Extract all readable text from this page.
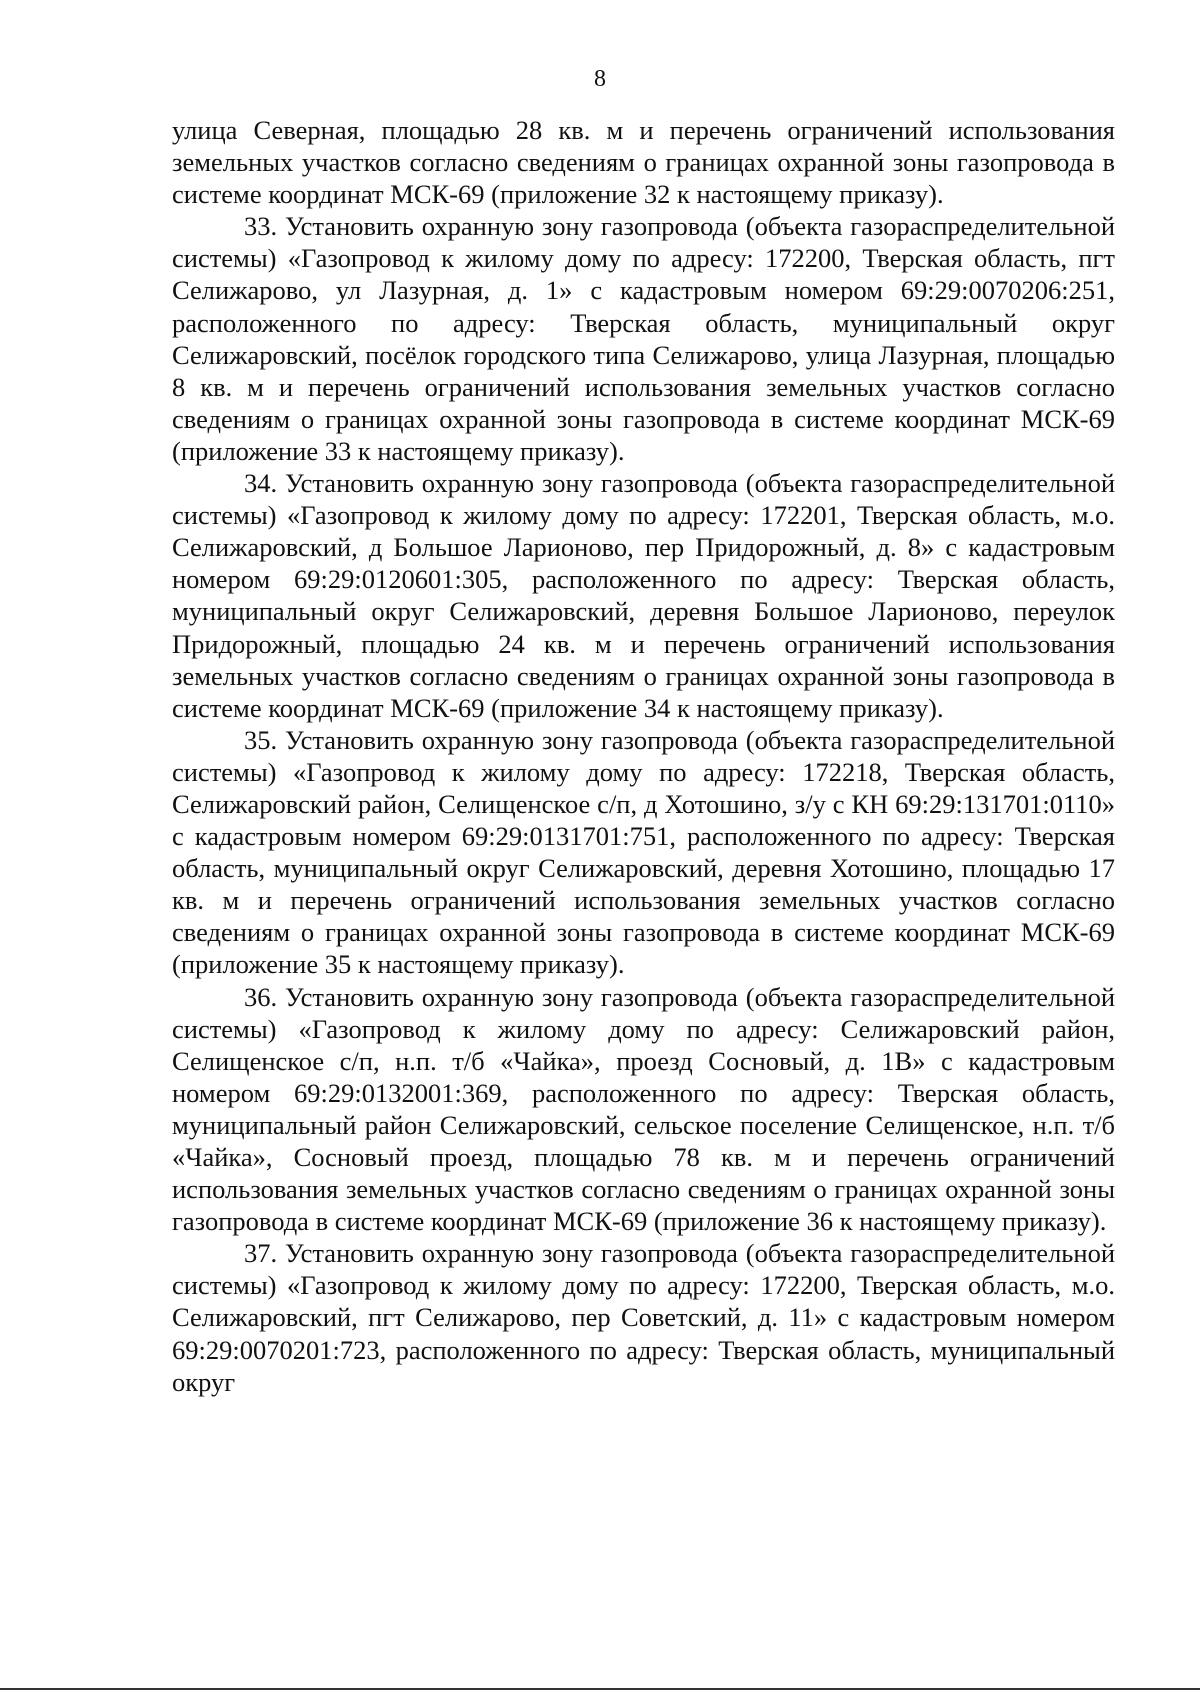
8

улица Северная, площадью 28 кв. м и перечень ограничений использования земельных участков согласно сведениям о границах охранной зоны газопровода в системе координат МСК-69 (приложение 32 к настоящему приказу).

33. Установить охранную зону газопровода (объекта газораспределительной системы) «Газопровод к жилому дому по адресу: 172200, Тверская область, пгт Селижарово, ул Лазурная, д. 1» с кадастровым номером 69:29:0070206:251, расположенного по адресу: Тверская область, муниципальный округ Селижаровский, посёлок городского типа Селижарово, улица Лазурная, площадью 8 кв. м и перечень ограничений использования земельных участков согласно сведениям о границах охранной зоны газопровода в системе координат МСК-69 (приложение 33 к настоящему приказу).

34. Установить охранную зону газопровода (объекта газораспределительной системы) «Газопровод к жилому дому по адресу: 172201, Тверская область, м.о. Селижаровский, д Большое Ларионово, пер Придорожный, д. 8» с кадастровым номером 69:29:0120601:305, расположенного по адресу: Тверская область, муниципальный округ Селижаровский, деревня Большое Ларионово, переулок Придорожный, площадью 24 кв. м и перечень ограничений использования земельных участков согласно сведениям о границах охранной зоны газопровода в системе координат МСК-69 (приложение 34 к настоящему приказу).

35. Установить охранную зону газопровода (объекта газораспределительной системы) «Газопровод к жилому дому по адресу: 172218, Тверская область, Селижаровский район, Селищенское с/п, д Хотошино, з/у с КН 69:29:131701:0110» с кадастровым номером 69:29:0131701:751, расположенного по адресу: Тверская область, муниципальный округ Селижаровский, деревня Хотошино, площадью 17 кв. м и перечень ограничений использования земельных участков согласно сведениям о границах охранной зоны газопровода в системе координат МСК-69 (приложение 35 к настоящему приказу).

36. Установить охранную зону газопровода (объекта газораспределительной системы) «Газопровод к жилому дому по адресу: Селижаровский район, Селищенское с/п, н.п. т/б «Чайка», проезд Сосновый, д. 1В» с кадастровым номером 69:29:0132001:369, расположенного по адресу: Тверская область, муниципальный район Селижаровский, сельское поселение Селищенское, н.п. т/б «Чайка», Сосновый проезд, площадью 78 кв. м и перечень ограничений использования земельных участков согласно сведениям о границах охранной зоны газопровода в системе координат МСК-69 (приложение 36 к настоящему приказу).

37. Установить охранную зону газопровода (объекта газораспределительной системы) «Газопровод к жилому дому по адресу: 172200, Тверская область, м.о. Селижаровский, пгт Селижарово, пер Советский, д. 11» с кадастровым номером 69:29:0070201:723, расположенного по адресу: Тверская область, муниципальный округ
